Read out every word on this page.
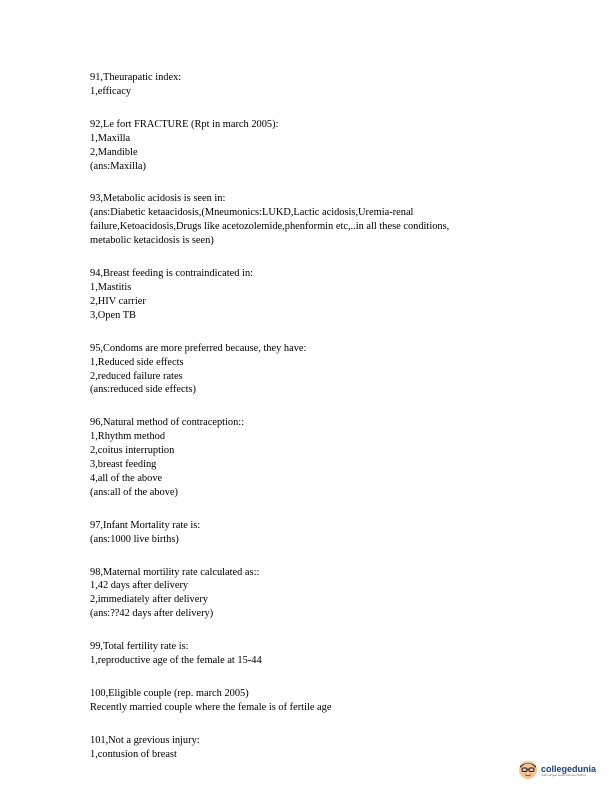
91,Theurapatic index:
1,efficacy
92,Le fort FRACTURE (Rpt in march 2005):
1,Maxilla
2,Mandible
(ans:Maxilla)
93,Metabolic acidosis is seen in:
(ans:Diabetic ketaacidosis,(Mneumonics:LUKD,Lactic acidosis,Uremia-renal
failure,Ketoacidosis,Drugs like acetozolemide,phenformin etc,..in all these conditions,
metabolic ketacidosis is seen)
94,Breast feeding is contraindicated in:
1,Mastitis
2,HIV carrier
3,Open TB
95,Condoms are more preferred because, they have:
1,Reduced side effects
2,reduced failure rates
(ans:reduced side effects)
96,Natural method of contraception::
1,Rhythm method
2,coitus interruption
3,breast feeding
4,all of the above
(ans:all of the above)
97,Infant Mortality rate is:
(ans:1000 live births)
98,Maternal mortility rate calculated as::
1,42 days after delivery
2,immediately after delivery
(ans:??42 days after delivery)
99,Total fertility rate is:
1,reproductive age of the female at 15-44
100,Eligible couple (rep. march 2005)
Recently married couple where the female is of fertile age
101,Not a grevious injury:
1,contusion of breast
collegedunia
India's largest Student Review Platform
